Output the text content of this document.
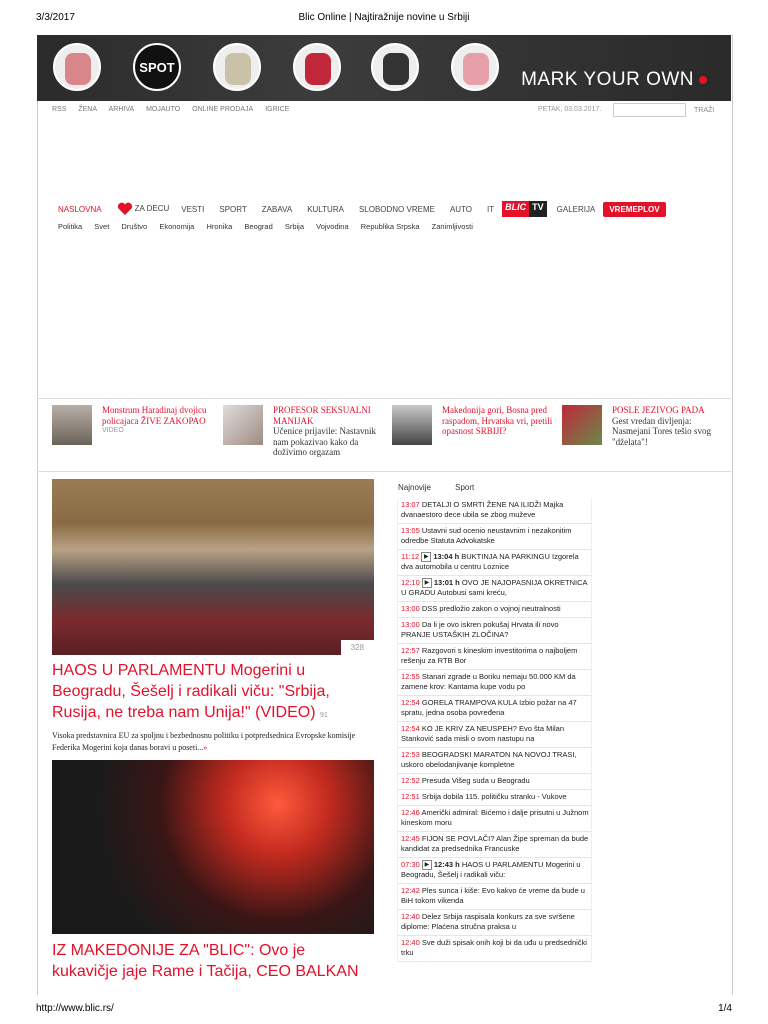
3/3/2017	Blic Online | Najtiražnije novine u Srbiji
http://www.blic.rs/	1/4
SPOT
MARK YOUR OWN
RSS ŽENA ARHIVA MOJAUTO ONLINE PRODAJA IGRICE	PETAK, 03.03.2017.	TRAŽI
NASLOVNA	ZA DECU VESTI SPORT ZABAVA KULTURA SLOBODNO VREME AUTO IT	BLIC TV	GALERIJA VREMEPLOV
Politika Svet Društvo Ekonomija Hronika Beograd Srbija Vojvodina Republika Srpska Zanimljivosti
Monstrum Haradinaj dvojicu policajaca ŽIVE ZAKOPAO
VIDEO
PROFESOR SEKSUALNI MANIJAK
Učenice prijavile: Nastavnik nam pokazivao kako da doživimo orgazam
Makedonija gori, Bosna pred raspadom, Hrvatska vri, pretili opasnost SRBIJI?
POSLE JEZIVOG PADA
Gest vredan divljenja: Nasmejani Tores tešio svog "dželata"!
328
HAOS U PARLAMENTU Mogerini u Beogradu, Šešelj i radikali viču: "Srbija, Rusija, ne treba nam Unija!" (VIDEO) 91
Visoka predstavnica EU za spoljnu i bezbednosnu politiku i potpredsednica Evropske komisije Federika Mogerini koja danas boravi u poseti...»
IZ MAKEDONIJE ZA "BLIC": Ovo je kukavičje jaje Rame i Tačija, CEO BALKAN
Najnovije	Sport
13:07 DETALJI O SMRTI ŽENE NA ILIDŽI Majka dvanaestoro dece ubila se zbog muževe
13:05 Ustavni sud ocenio neustavnim i nezakonitim odredbe Statuta Advokatske
11:12 ▶ 13:04 h BUKTINJA NA PARKINGU Izgorela dva automobila u centru Loznice
12:10 ▶ 13:01 h OVO JE NAJOPASNIJA OKRETNICA U GRADU Autobusi sami kreću,
13:00 DSS predložio zakon o vojnoj neutralnosti
13:00 Da li je ovo iskren pokušaj Hrvata ili novo PRANJE USTAŠKIH ZLOČINA?
12:57 Razgovori s kineskim investitorima o najboljem rešenju za RTB Bor
12:55 Stanari zgrade u Boriku nemaju 50.000 KM da zamene krov: Kantama kupe vodu po
12:54 GORELA TRAMPOVA KULA Izbio požar na 47 spratu, jedna osoba povređena
12:54 KO JE KRIV ZA NEUSPEH? Evo šta Milan Stanković sada misli o svom nastupu na
12:53 BEOGRADSKI MARATON NA NOVOJ TRASI, uskoro obelodanjivanje kompletne
12:52 Presuda Višeg suda u Beogradu
12:51 Srbija dobila 115. političku stranku - Vukove
12:46 Američki admiral: Bićemo i dalje prisutni u Južnom kineskom moru
12:45 FIJON SE POVLAČI? Alan Žipe spreman da bude kandidat za predsednika Francuske
07:30 ▶ 12:43 h HAOS U PARLAMENTU Mogerini u Beogradu, Šešelj i radikali viču:
12:42 Ples sunca i kiše: Evo kakvo će vreme da bude u BiH tokom vikenda
12:40 Delez Srbija raspisala konkurs za sve svršene diplome: Plaćena stručna praksa u
12:40 Sve duži spisak onih koji bi da uđu u predsednički trku
